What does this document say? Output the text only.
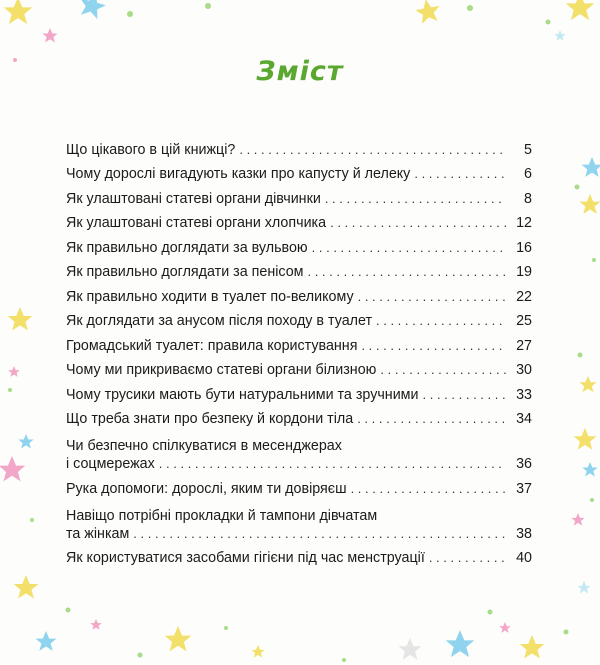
Зміст
Що цікавого в цій книжці? . . .	5
Чому дорослі вигадують казки про капусту й лелеку . . .	6
Як улаштовані статеві органи дівчинки . . .	8
Як улаштовані статеві органи хлопчика . . .	12
Як правильно доглядати за вульвою . . .	16
Як правильно доглядати за пенісом . . .	19
Як правильно ходити в туалет по-великому . . .	22
Як доглядати за анусом після походу в туалет . . .	25
Громадський туалет: правила користування . . .	27
Чому ми прикриваємо статеві органи білизною . . .	30
Чому трусики мають бути натуральними та зручними . . .	33
Що треба знати про безпеку й кордони тіла . . .	34
Чи безпечно спілкуватися в месенджерах
і соцмережах . . .	36
Рука допомоги: дорослі, яким ти довіряєш . . .	37
Навіщо потрібні прокладки й тампони дівчатам
та жінкам . . .	38
Як користуватися засобами гігієни під час менструації . . .	40
